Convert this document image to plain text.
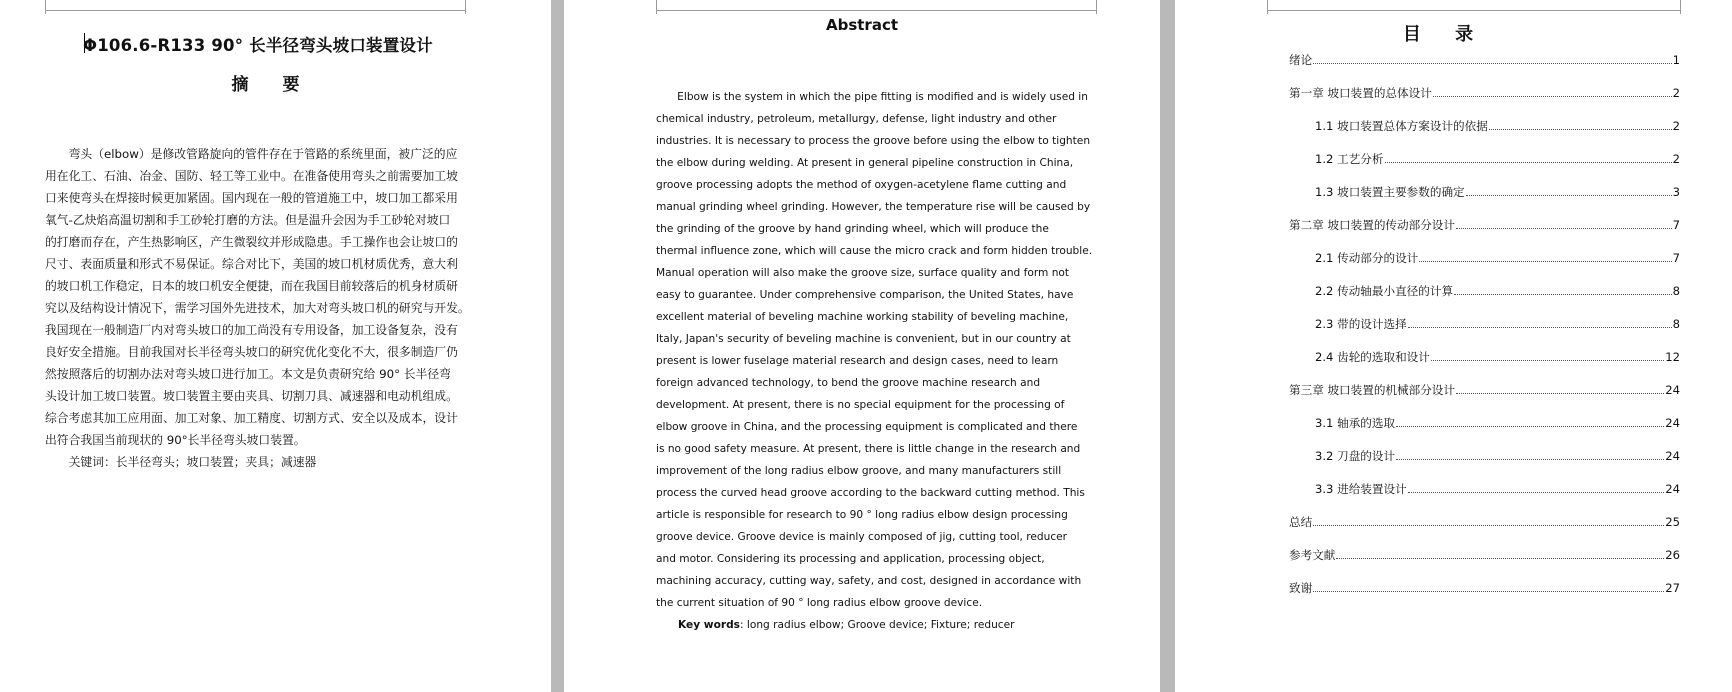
Φ106.6-R133 90° 长半径弯头坡口装置设计
摘 要
　　弯头（elbow）是修改管路旋向的管件存在于管路的系统里面，被广泛的应
用在化工、石油、冶金、国防、轻工等工业中。在准备使用弯头之前需要加工坡
口来使弯头在焊接时候更加紧固。国内现在一般的管道施工中，坡口加工都采用
氧气-乙炔焰高温切割和手工砂轮打磨的方法。但是温升会因为手工砂轮对坡口
的打磨而存在，产生热影响区，产生微裂纹并形成隐患。手工操作也会让坡口的
尺寸、表面质量和形式不易保证。综合对比下，美国的坡口机材质优秀，意大利
的坡口机工作稳定，日本的坡口机安全便捷，而在我国目前较落后的机身材质研
究以及结构设计情况下，需学习国外先进技术，加大对弯头坡口机的研究与开发。
我国现在一般制造厂内对弯头坡口的加工尚没有专用设备，加工设备复杂，没有
良好安全措施。目前我国对长半径弯头坡口的研究优化变化不大，很多制造厂仍
然按照落后的切割办法对弯头坡口进行加工。本文是负责研究给 90° 长半径弯
头设计加工坡口装置。坡口装置主要由夹具、切割刀具、减速器和电动机组成。
综合考虑其加工应用面、加工对象、加工精度、切割方式、安全以及成本，设计
出符合我国当前现状的 90°长半径弯头坡口装置。
　　关键词：长半径弯头；坡口装置；夹具；减速器
Abstract
　　Elbow is the system in which the pipe fitting is modified and is widely used in
chemical industry, petroleum, metallurgy, defense, light industry and other
industries. It is necessary to process the groove before using the elbow to tighten
the elbow during welding. At present in general pipeline construction in China,
groove processing adopts the method of oxygen-acetylene flame cutting and
manual grinding wheel grinding. However, the temperature rise will be caused by
the grinding of the groove by hand grinding wheel, which will produce the
thermal influence zone, which will cause the micro crack and form hidden trouble.
Manual operation will also make the groove size, surface quality and form not
easy to guarantee. Under comprehensive comparison, the United States, have
excellent material of beveling machine working stability of beveling machine,
Italy, Japan's security of beveling machine is convenient, but in our country at
present is lower fuselage material research and design cases, need to learn
foreign advanced technology, to bend the groove machine research and
development. At present, there is no special equipment for the processing of
elbow groove in China, and the processing equipment is complicated and there
is no good safety measure. At present, there is little change in the research and
improvement of the long radius elbow groove, and many manufacturers still
process the curved head groove according to the backward cutting method. This
article is responsible for research to 90 ° long radius elbow design processing
groove device. Groove device is mainly composed of jig, cutting tool, reducer
and motor. Considering its processing and application, processing object,
machining accuracy, cutting way, safety, and cost, designed in accordance with
the current situation of 90 ° long radius elbow groove device.
Key words: long radius elbow; Groove device; Fixture; reducer
目 录
绪论	1
第一章 坡口装置的总体设计	2
1.1 坡口装置总体方案设计的依据	2
1.2 工艺分析	2
1.3 坡口装置主要参数的确定	3
第二章 坡口装置的传动部分设计	7
2.1 传动部分的设计	7
2.2 传动轴最小直径的计算	8
2.3 带的设计选择	8
2.4 齿轮的选取和设计	12
第三章 坡口装置的机械部分设计	24
3.1 轴承的选取	24
3.2 刀盘的设计	24
3.3 进给装置设计	24
总结	25
参考文献	26
致谢	27
